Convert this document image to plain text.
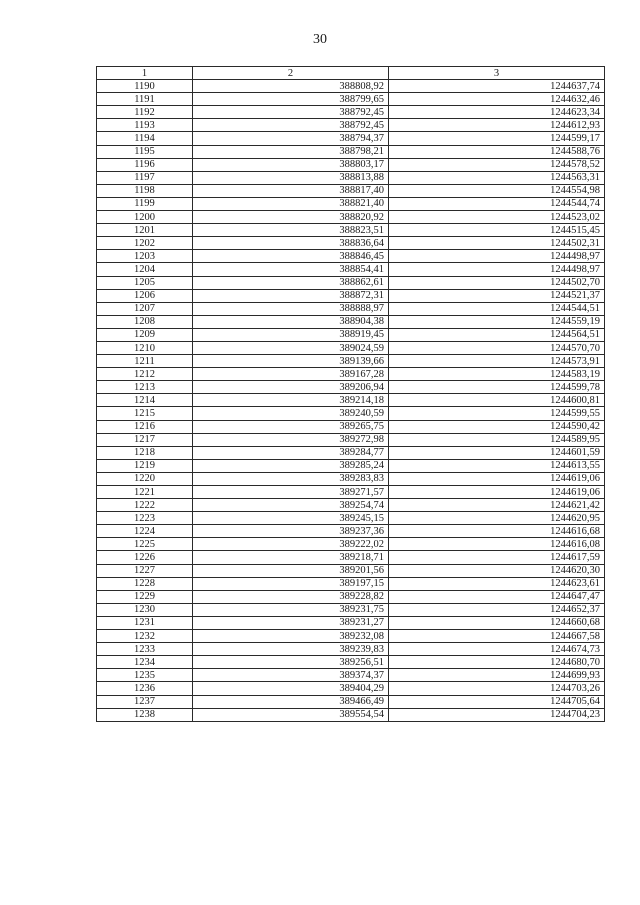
30
1	2	3
1190	388808,92	1244637,74
1191	388799,65	1244632,46
1192	388792,45	1244623,34
1193	388792,45	1244612,93
1194	388794,37	1244599,17
1195	388798,21	1244588,76
1196	388803,17	1244578,52
1197	388813,88	1244563,31
1198	388817,40	1244554,98
1199	388821,40	1244544,74
1200	388820,92	1244523,02
1201	388823,51	1244515,45
1202	388836,64	1244502,31
1203	388846,45	1244498,97
1204	388854,41	1244498,97
1205	388862,61	1244502,70
1206	388872,31	1244521,37
1207	388888,97	1244544,51
1208	388904,38	1244559,19
1209	388919,45	1244564,51
1210	389024,59	1244570,70
1211	389139,66	1244573,91
1212	389167,28	1244583,19
1213	389206,94	1244599,78
1214	389214,18	1244600,81
1215	389240,59	1244599,55
1216	389265,75	1244590,42
1217	389272,98	1244589,95
1218	389284,77	1244601,59
1219	389285,24	1244613,55
1220	389283,83	1244619,06
1221	389271,57	1244619,06
1222	389254,74	1244621,42
1223	389245,15	1244620,95
1224	389237,36	1244616,68
1225	389222,02	1244616,08
1226	389218,71	1244617,59
1227	389201,56	1244620,30
1228	389197,15	1244623,61
1229	389228,82	1244647,47
1230	389231,75	1244652,37
1231	389231,27	1244660,68
1232	389232,08	1244667,58
1233	389239,83	1244674,73
1234	389256,51	1244680,70
1235	389374,37	1244699,93
1236	389404,29	1244703,26
1237	389466,49	1244705,64
1238	389554,54	1244704,23
